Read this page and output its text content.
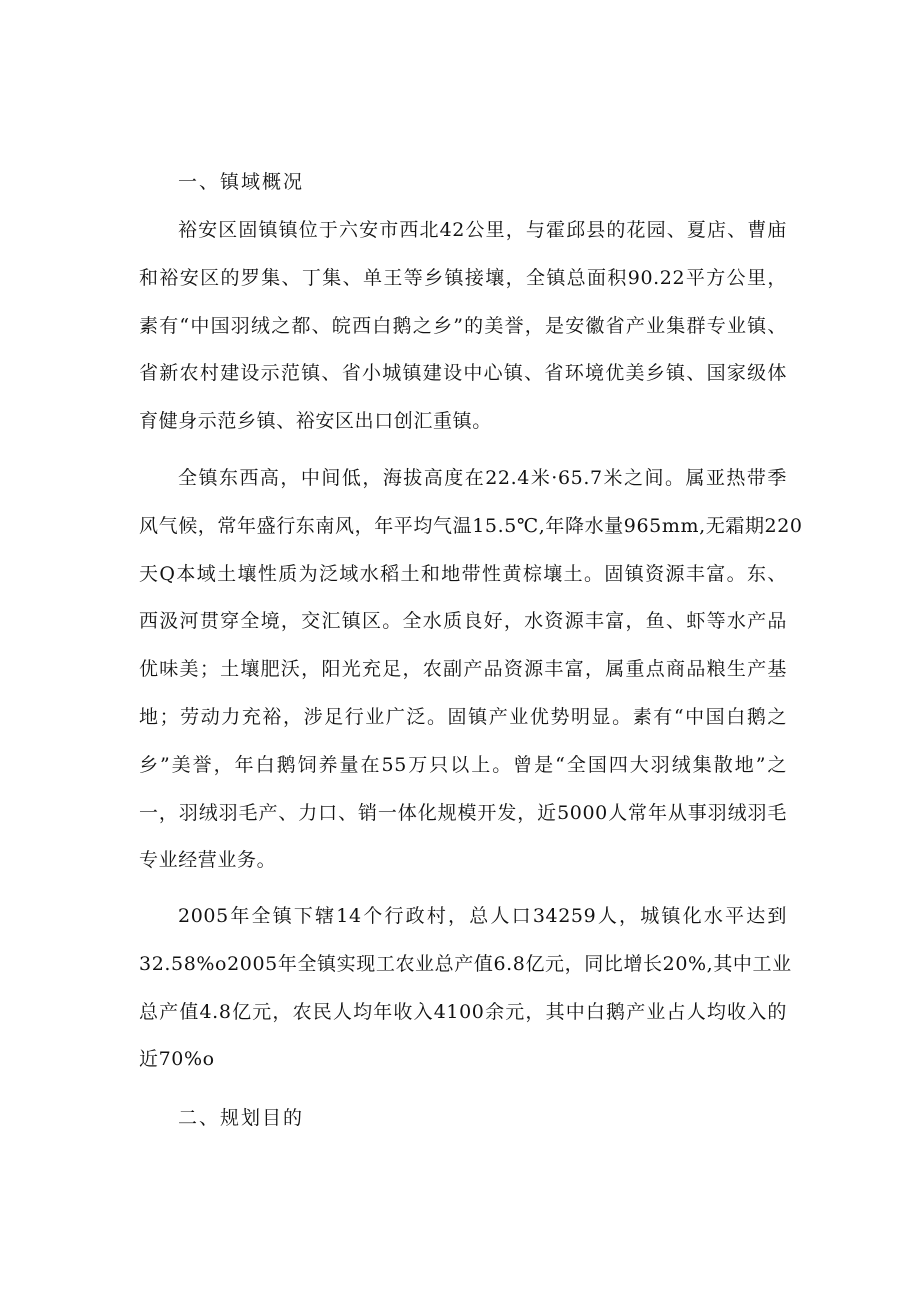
一、镇域概况
裕安区固镇镇位于六安市西北42公里，与霍邱县的花园、夏店、曹庙
和裕安区的罗集、丁集、单王等乡镇接壤，全镇总面积90.22平方公里，
素有“中国羽绒之都、皖西白鹅之乡”的美誉，是安徽省产业集群专业镇、
省新农村建设示范镇、省小城镇建设中心镇、省环境优美乡镇、国家级体
育健身示范乡镇、裕安区出口创汇重镇。
全镇东西高，中间低，海拔高度在22.4米·65.7米之间。属亚热带季
风气候，常年盛行东南风，年平均气温15.5℃,年降水量965mm,无霜期220
天Q本域土壤性质为泛域水稻土和地带性黄棕壤土。固镇资源丰富。东、
西汲河贯穿全境，交汇镇区。全水质良好，水资源丰富，鱼、虾等水产品
优味美；土壤肥沃，阳光充足，农副产品资源丰富，属重点商品粮生产基
地；劳动力充裕，涉足行业广泛。固镇产业优势明显。素有“中国白鹅之
乡”美誉，年白鹅饲养量在55万只以上。曾是“全国四大羽绒集散地”之
一，羽绒羽毛产、力口、销一体化规模开发，近5000人常年从事羽绒羽毛
专业经营业务。
2005年全镇下辖14个行政村，总人口34259人，城镇化水平达到
32.58%o2005年全镇实现工农业总产值6.8亿元，同比增长20%,其中工业
总产值4.8亿元，农民人均年收入4100余元，其中白鹅产业占人均收入的
近70%o
二、规划目的
